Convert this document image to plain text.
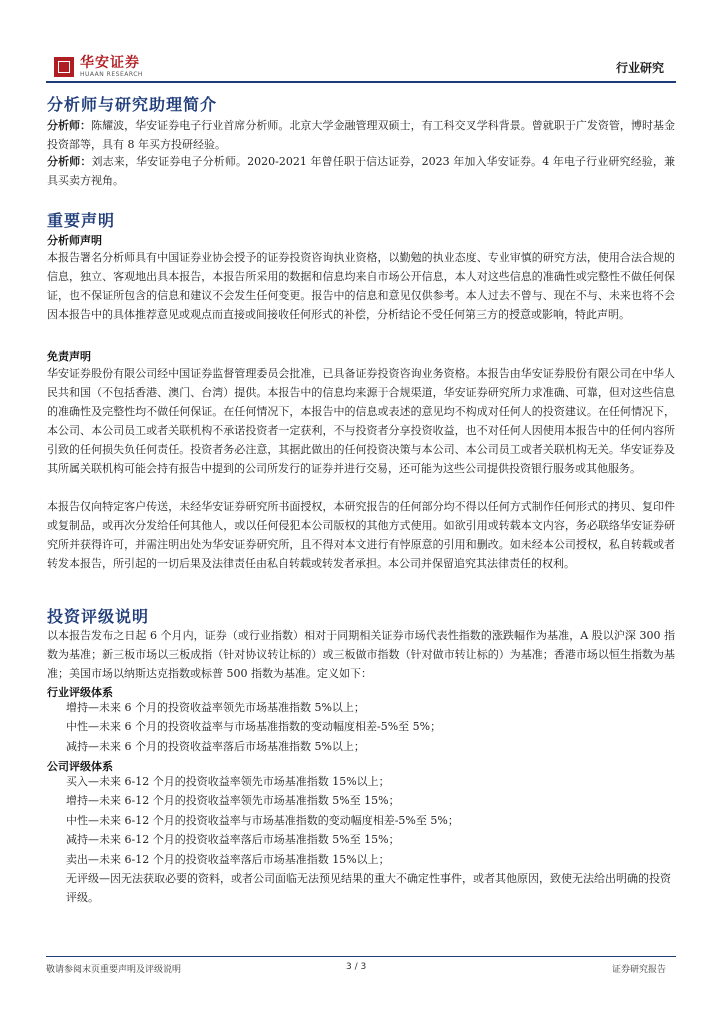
华安证券
HUAAN RESEARCH	行业研究
分析师与研究助理简介
分析师：陈耀波，华安证券电子行业首席分析师。北京大学金融管理双硕士，有工科交叉学科背景。曾就职于广发资管，博时基金投资部等，具有 8 年买方投研经验。
分析师：刘志来，华安证券电子分析师。2020-2021 年曾任职于信达证券，2023 年加入华安证券。4 年电子行业研究经验，兼具买卖方视角。
重要声明
分析师声明
本报告署名分析师具有中国证券业协会授予的证券投资咨询执业资格，以勤勉的执业态度、专业审慎的研究方法，使用合法合规的信息，独立、客观地出具本报告，本报告所采用的数据和信息均来自市场公开信息，本人对这些信息的准确性或完整性不做任何保证，也不保证所包含的信息和建议不会发生任何变更。报告中的信息和意见仅供参考。本人过去不曾与、现在不与、未来也将不会因本报告中的具体推荐意见或观点而直接或间接收任何形式的补偿，分析结论不受任何第三方的授意或影响，特此声明。
免责声明
华安证券股份有限公司经中国证券监督管理委员会批准，已具备证券投资咨询业务资格。本报告由华安证券股份有限公司在中华人民共和国（不包括香港、澳门、台湾）提供。本报告中的信息均来源于合规渠道，华安证券研究所力求准确、可靠，但对这些信息的准确性及完整性均不做任何保证。在任何情况下，本报告中的信息或表述的意见均不构成对任何人的投资建议。在任何情况下，本公司、本公司员工或者关联机构不承诺投资者一定获利，不与投资者分享投资收益，也不对任何人因使用本报告中的任何内容所引致的任何损失负任何责任。投资者务必注意，其据此做出的任何投资决策与本公司、本公司员工或者关联机构无关。华安证券及其所属关联机构可能会持有报告中提到的公司所发行的证券并进行交易，还可能为这些公司提供投资银行服务或其他服务。
本报告仅向特定客户传送，未经华安证券研究所书面授权，本研究报告的任何部分均不得以任何方式制作任何形式的拷贝、复印件或复制品，或再次分发给任何其他人，或以任何侵犯本公司版权的其他方式使用。如欲引用或转载本文内容，务必联络华安证券研究所并获得许可，并需注明出处为华安证券研究所，且不得对本文进行有悖原意的引用和删改。如未经本公司授权，私自转载或者转发本报告，所引起的一切后果及法律责任由私自转载或转发者承担。本公司并保留追究其法律责任的权利。
投资评级说明
以本报告发布之日起 6 个月内，证券（或行业指数）相对于同期相关证券市场代表性指数的涨跌幅作为基准，A 股以沪深 300 指数为基准；新三板市场以三板成指（针对协议转让标的）或三板做市指数（针对做市转让标的）为基准；香港市场以恒生指数为基准；美国市场以纳斯达克指数或标普 500 指数为基准。定义如下：
行业评级体系
增持—未来 6 个月的投资收益率领先市场基准指数 5%以上；
中性—未来 6 个月的投资收益率与市场基准指数的变动幅度相差-5%至 5%；
减持—未来 6 个月的投资收益率落后市场基准指数 5%以上；
公司评级体系
买入—未来 6-12 个月的投资收益率领先市场基准指数 15%以上；
增持—未来 6-12 个月的投资收益率领先市场基准指数 5%至 15%；
中性—未来 6-12 个月的投资收益率与市场基准指数的变动幅度相差-5%至 5%；
减持—未来 6-12 个月的投资收益率落后市场基准指数 5%至 15%；
卖出—未来 6-12 个月的投资收益率落后市场基准指数 15%以上；
无评级—因无法获取必要的资料，或者公司面临无法预见结果的重大不确定性事件，或者其他原因，致使无法给出明确的投资评级。
敬请参阅末页重要声明及评级说明	3 / 3	证券研究报告
